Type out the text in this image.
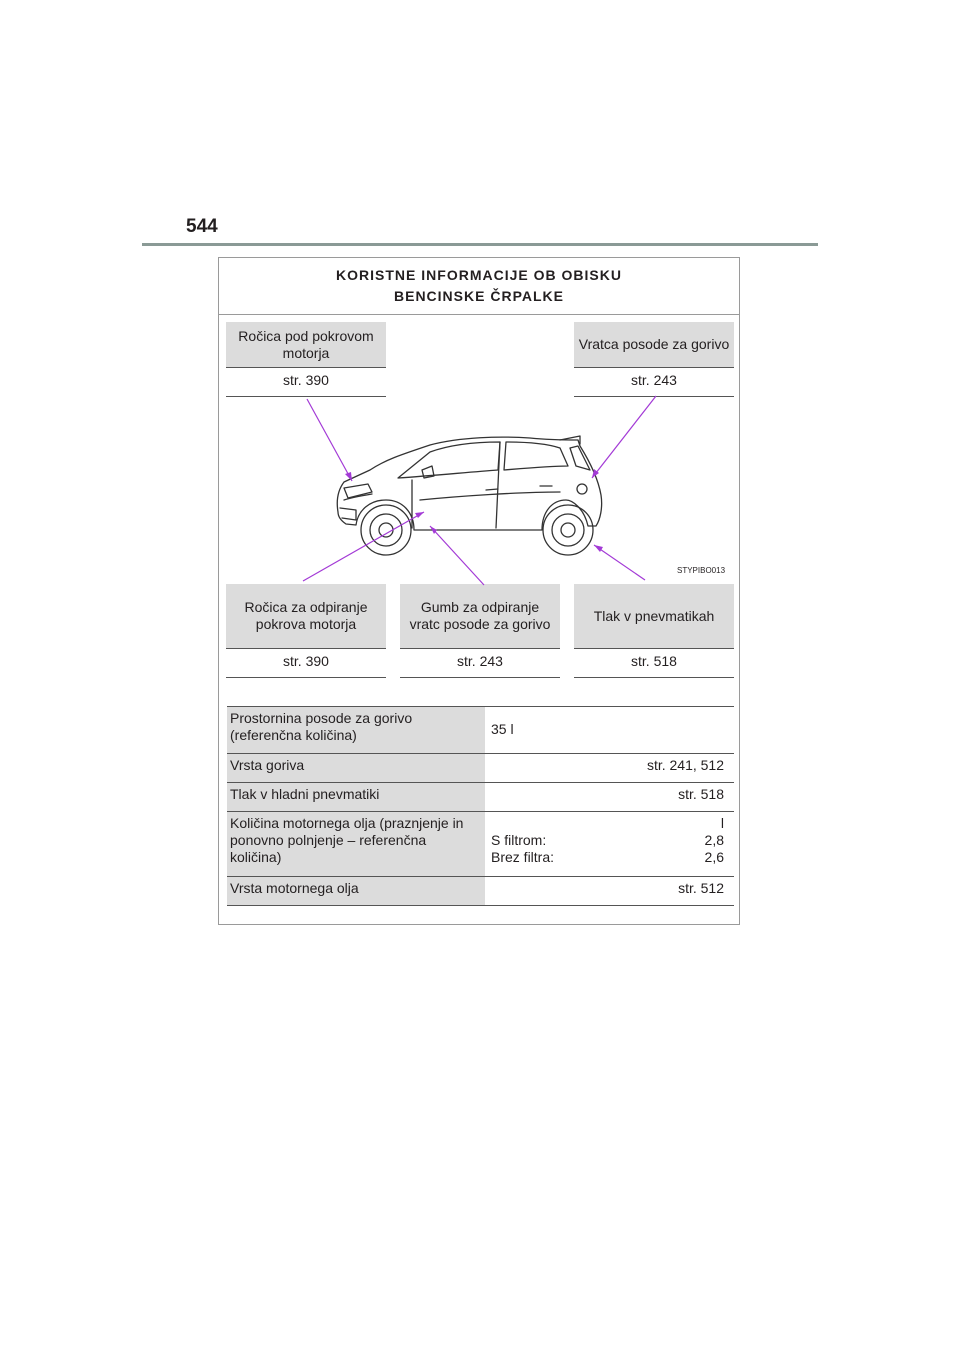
544
KORISTNE INFORMACIJE OB OBISKU
BENCINSKE ČRPALKE
Ročica pod pokrovom motorja
str. 390
Vratca posode za gorivo
str. 243
Ročica za odpiranje pokrova motorja
str. 390
Gumb za odpiranje vratc posode za gorivo
str. 243
Tlak v pnevmatikah
str. 518
STYPIBO013
Prostornina posode za gorivo (referenčna količina)	35 l
Vrsta goriva	str. 241, 512
Tlak v hladni pnevmatiki	str. 518
Količina motornega olja (praznjenje in ponovno polnjenje – referenčna količina)	l
S filtrom: 2,8
Brez filtra: 2,6

Vrsta motornega olja	str. 512
